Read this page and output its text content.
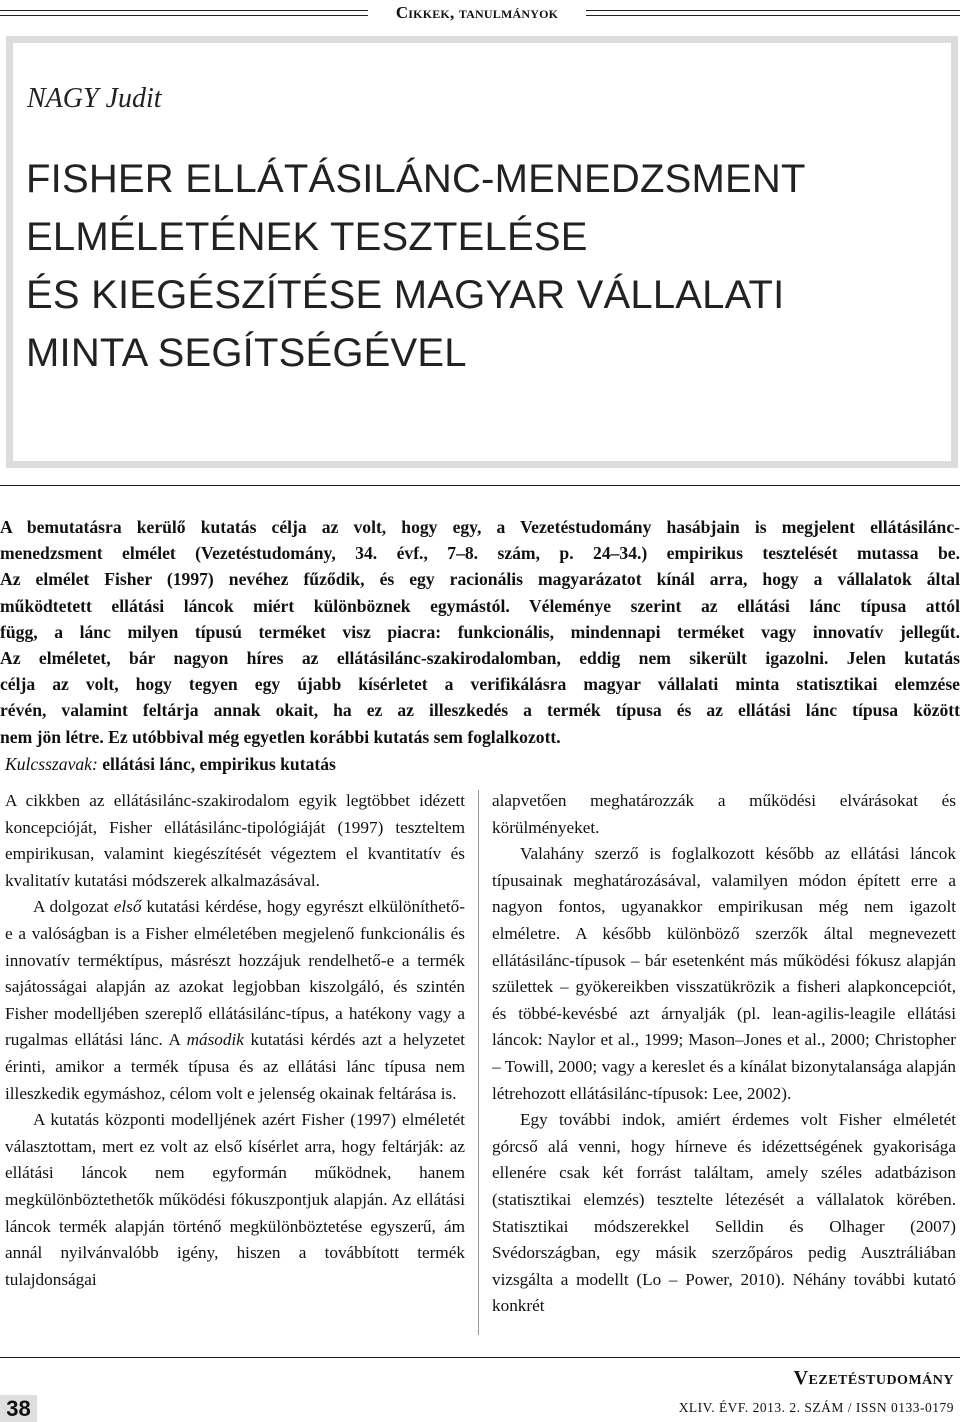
Cikkek, tanulmányok
NAGY Judit
FISHER ELLÁTÁSILÁNC-MENEDZSMENT
ELMÉLETÉNEK TESZTELÉSE
ÉS KIEGÉSZÍTÉSE MAGYAR VÁLLALATI
MINTA SEGÍTSÉGÉVEL
A bemutatásra kerülő kutatás célja az volt, hogy egy, a Vezetéstudomány hasábjain is megjelent ellátásilánc-
menedzsment elmélet (Vezetéstudomány, 34. évf., 7–8. szám, p. 24–34.) empirikus tesztelését mutassa be.
Az elmélet Fisher (1997) nevéhez fűződik, és egy racionális magyarázatot kínál arra, hogy a vállalatok által
működtetett ellátási láncok miért különböznek egymástól. Véleménye szerint az ellátási lánc típusa attól
függ, a lánc milyen típusú terméket visz piacra: funkcionális, mindennapi terméket vagy innovatív jellegűt.
Az elméletet, bár nagyon híres az ellátásilánc-szakirodalomban, eddig nem sikerült igazolni. Jelen kutatás
célja az volt, hogy tegyen egy újabb kísérletet a verifikálásra magyar vállalati minta statisztikai elemzése
révén, valamint feltárja annak okait, ha ez az illeszkedés a termék típusa és az ellátási lánc típusa között
nem jön létre. Ez utóbbival még egyetlen korábbi kutatás sem foglalkozott.

Kulcsszavak: ellátási lánc, empirikus kutatás

A cikkben az ellátásilánc-szakirodalom egyik legtöbbet idézett koncepcióját, Fisher ellátásilánc-tipológiáját (1997) teszteltem empirikusan, valamint kiegészítését végeztem el kvantitatív és kvalitatív kutatási módszerek alkalmazásával.

A dolgozat első kutatási kérdése, hogy egyrészt elkülöníthető-e a valóságban is a Fisher elméletében megjelenő funkcionális és innovatív terméktípus, másrészt hozzájuk rendelhető-e a termék sajátosságai alapján az azokat legjobban kiszolgáló, és szintén Fisher modelljében szereplő ellátásilánc-típus, a hatékony vagy a rugalmas ellátási lánc. A második kutatási kérdés azt a helyzetet érinti, amikor a termék típusa és az ellátási lánc típusa nem illeszkedik egymáshoz, célom volt e jelenség okainak feltárása is.

A kutatás központi modelljének azért Fisher (1997) elméletét választottam, mert ez volt az első kísérlet arra, hogy feltárják: az ellátási láncok nem egyformán működnek, hanem megkülönböztethetők működési fókuszpontjuk alapján. Az ellátási láncok termék alapján történő megkülönböztetése egyszerű, ám annál nyilvánvalóbb igény, hiszen a továbbított termék tulajdonságai

alapvetően meghatározzák a működési elvárásokat és körülményeket.

Valahány szerző is foglalkozott később az ellátási láncok típusainak meghatározásával, valamilyen módon épített erre a nagyon fontos, ugyanakkor empirikusan még nem igazolt elméletre. A később különböző szerzők által megnevezett ellátásilánc-típusok – bár esetenként más működési fókusz alapján születtek – gyökereikben visszatükrözik a fisheri alapkoncepciót, és többé-kevésbé azt árnyalják (pl. lean-agilis-leagile ellátási láncok: Naylor et al., 1999; Mason–Jones et al., 2000; Christopher – Towill, 2000; vagy a kereslet és a kínálat bizonytalansága alapján létrehozott ellátásilánc-típusok: Lee, 2002).

Egy további indok, amiért érdemes volt Fisher elméletét górcső alá venni, hogy hírneve és idézettségének gyakorisága ellenére csak két forrást találtam, amely széles adatbázison (statisztikai elemzés) tesztelte létezését a vállalatok körében. Statisztikai módszerekkel Selldin és Olhager (2007) Svédországban, egy másik szerzőpáros pedig Ausztráliában vizsgálta a modellt (Lo – Power, 2010). Néhány további kutató konkrét

Vezetéstudomány
XLIV. ÉVF. 2013. 2. SZÁM / ISSN 0133-0179
38
